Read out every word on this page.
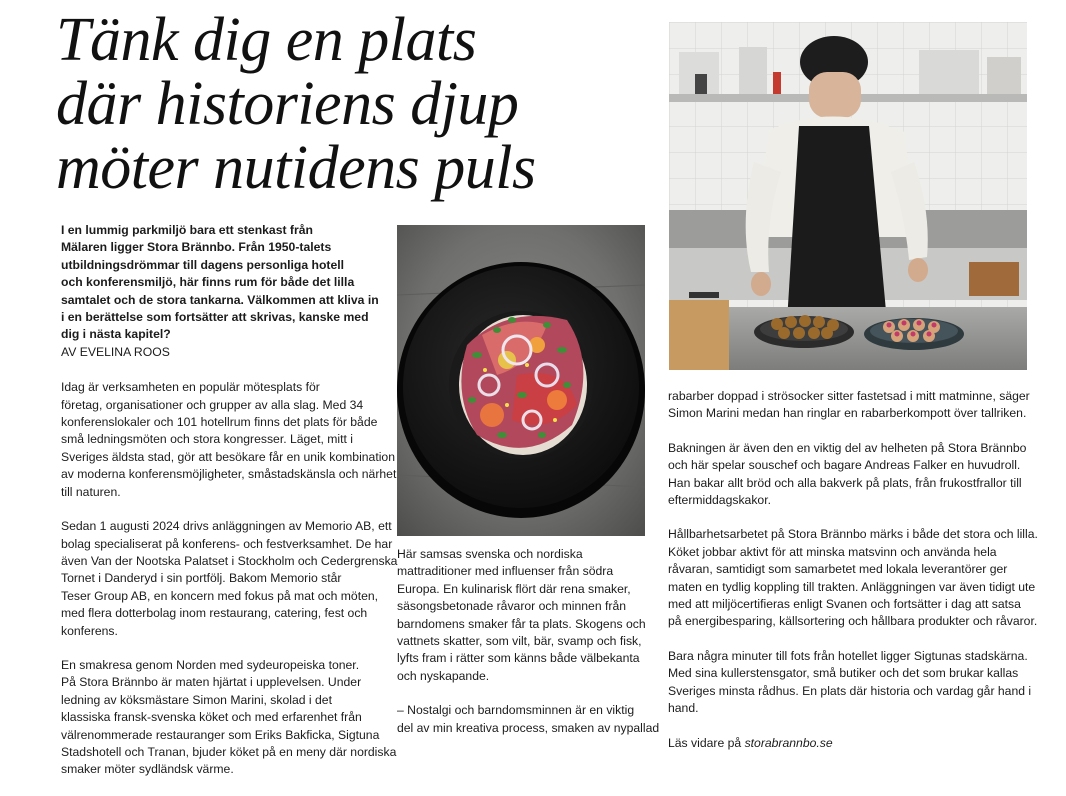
Tänk dig en plats
där historiens djup
möter nutidens puls

I en lummig parkmiljö bara ett stenkast från
Mälaren ligger Stora Brännbo. Från 1950-talets
utbildningsdrömmar till dagens personliga hotell
och konferensmiljö, här finns rum för både det lilla
samtalet och de stora tankarna. Välkommen att kliva in
i en berättelse som fortsätter att skrivas, kanske med
dig i nästa kapitel?

AV EVELINA ROOS

Idag är verksamheten en populär mötesplats för
företag, organisationer och grupper av alla slag. Med 34
konferenslokaler och 101 hotellrum finns det plats för både
små ledningsmöten och stora kongresser. Läget, mitt i
Sveriges äldsta stad, gör att besökare får en unik kombination
av moderna konferensmöjligheter, småstadskänsla och närhet
till naturen.

Sedan 1 augusti 2024 drivs anläggningen av Memorio AB, ett
bolag specialiserat på konferens- och festverksamhet. De har
även Van der Nootska Palatset i Stockholm och Cedergrenska
Tornet i Danderyd i sin portfölj. Bakom Memorio står
Teser Group AB, en koncern med fokus på mat och möten,
med flera dotterbolag inom restaurang, catering, fest och
konferens.

En smakresa genom Norden med sydeuropeiska toner.
På Stora Brännbo är maten hjärtat i upplevelsen. Under
ledning av köksmästare Simon Marini, skolad i det
klassiska fransk-svenska köket och med erfarenhet från
välrenommerade restauranger som Eriks Bakficka, Sigtuna
Stadshotell och Tranan, bjuder köket på en meny där nordiska
smaker möter sydländsk värme.

Här samsas svenska och nordiska
mattraditioner med influenser från södra
Europa. En kulinarisk flört där rena smaker,
säsongsbetonade råvaror och minnen från
barndomens smaker får ta plats. Skogens och
vattnets skatter, som vilt, bär, svamp och fisk,
lyfts fram i rätter som känns både välbekanta
och nyskapande.

– Nostalgi och barndomsminnen är en viktig
del av min kreativa process, smaken av nypallad

rabarber doppad i strösocker sitter fastetsad i mitt matminne, säger
Simon Marini medan han ringlar en rabarberkompott över tallriken.

Bakningen är även den en viktig del av helheten på Stora Brännbo
och här spelar souschef och bagare Andreas Falker en huvudroll.
Han bakar allt bröd och alla bakverk på plats, från frukostfrallor till
eftermiddagskakor.

Hållbarhetsarbetet på Stora Brännbo märks i både det stora och lilla.
Köket jobbar aktivt för att minska matsvinn och använda hela
råvaran, samtidigt som samarbetet med lokala leverantörer ger
maten en tydlig koppling till trakten. Anläggningen var även tidigt ute
med att miljöcertifieras enligt Svanen och fortsätter i dag att satsa
på energibesparing, källsortering och hållbara produkter och råvaror.

Bara några minuter till fots från hotellet ligger Sigtunas stadskärna.
Med sina kullerstensgator, små butiker och det som brukar kallas
Sveriges minsta rådhus. En plats där historia och vardag går hand i
hand.

Läs vidare på storabrannbo.se
